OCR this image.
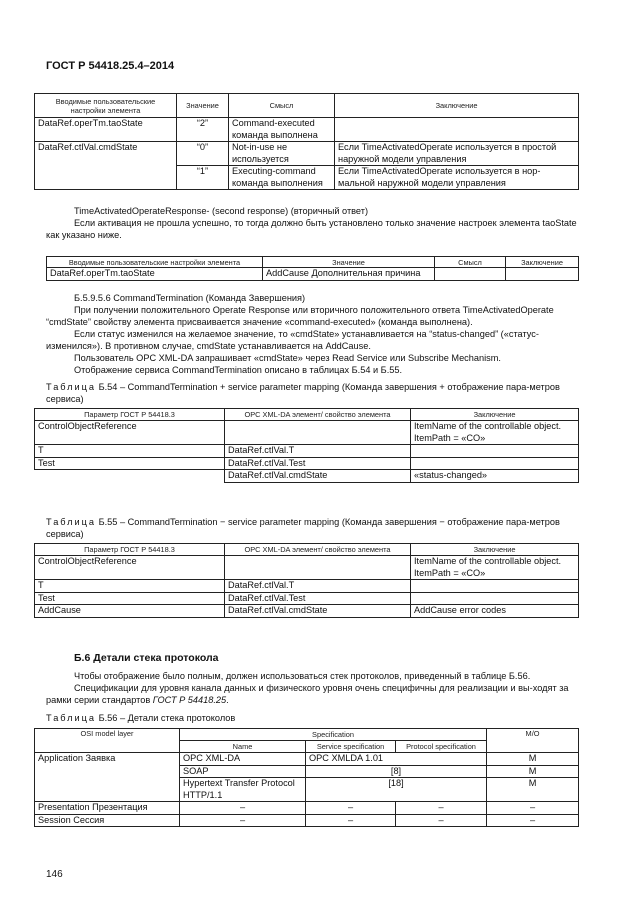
ГОСТ Р 54418.25.4–2014
Вводимые пользовательские настройки элемента	Значение	Смысл	Заключение
DataRef.operTm.taoState	“2”	Command-executed команда выполнена	
DataRef.ctlVal.cmdState	“0”	Not-in-use не используется	Если TimeActivatedOperate используется в простой наружной модели управления
	“1”	Executing-command команда выполнения	Если TimeActivatedOperate используется в нор-мальной наружной модели управления
TimeActivatedOperateResponse- (second response) (вторичный ответ)
Если активация не прошла успешно, то тогда должно быть установлено только значение настроек элемента taoState как указано ниже.
Вводимые пользовательские настройки элемента	Значение	Смысл	Заключение
DataRef.operTm.taoState	AddCause Дополнительная причина		
Б.5.9.5.6 CommandTermination (Команда Завершения)
При получении положительного Operate Response или вторичного положительного ответа TimeActivatedOperate “cmdState” свойству элемента присваивается значение «command-executed» (команда выполнена).
Если статус изменился на желаемое значение, то «cmdState» устанавливается на “status-changed” («статус-изменился»). В противном случае, cmdState устанавливается на AddCause.
Пользователь OPC XML-DA запрашивает «cmdState» через Read Service или Subscribe Mechanism.
Отображение сервиса CommandTermination описано в таблицах Б.54 и Б.55.
Таблица Б.54 – CommandTermination + service parameter mapping (Команда завершения + отображение пара-метров сервиса)
Параметр ГОСТ Р 54418.3	OPC XML-DA элемент/ свойство элемента	Заключение
ControlObjectReference		ItemName of the controllable object. ItemPath = «CO»
T	DataRef.ctlVal.T	
Test	DataRef.ctlVal.Test	
	DataRef.ctlVal.cmdState	«status-changed»
Таблица Б.55 – CommandTermination − service parameter mapping (Команда завершения − отображение пара-метров сервиса)
Параметр ГОСТ Р 54418.3	OPC XML-DA элемент/ свойство элемента	Заключение
ControlObjectReference		ItemName of the controllable object. ItemPath = «CO»
T	DataRef.ctlVal.T	
Test	DataRef.ctlVal.Test	
AddCause	DataRef.ctlVal.cmdState	AddCause error codes
Б.6 Детали стека протокола
Чтобы отображение было полным, должен использоваться стек протоколов, приведенный в таблице Б.56.
Спецификации для уровня канала данных и физического уровня очень специфичны для реализации и вы-ходят за рамки серии стандартов ГОСТ Р 54418.25.
Таблица Б.56 – Детали стека протоколов
OSI model layer	Specification			M/O
	Name	Service specification	Protocol specification	
Application Заявка	OPC XML-DA	OPC XMLDA 1.01		M
	SOAP	[8]		M
	Hypertext Transfer Protocol HTTP/1.1	[18]		M
Presentation Презентация	–	–	–	–
Session Сессия	–	–	–	–
146
